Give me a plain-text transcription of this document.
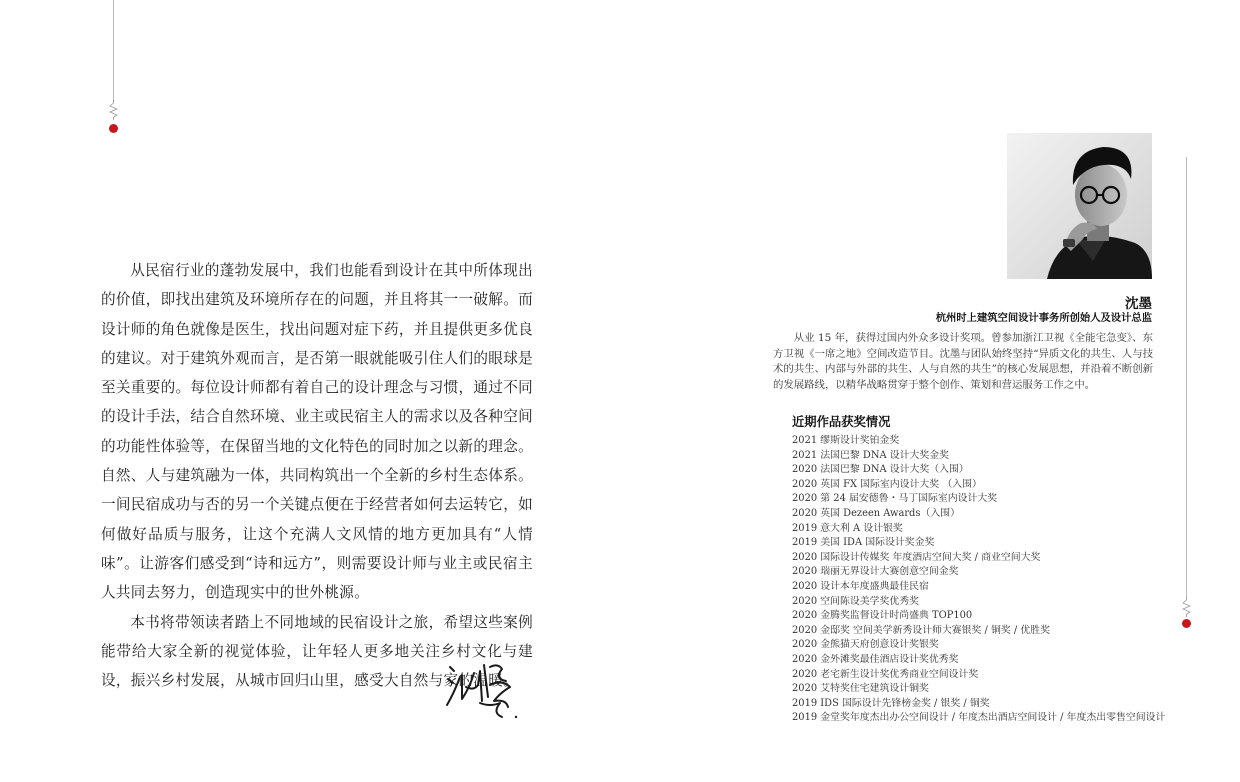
从民宿行业的蓬勃发展中，我们也能看到设计在其中所体现出的价值，即找出建筑及环境所存在的问题，并且将其一一破解。而设计师的角色就像是医生，找出问题对症下药，并且提供更多优良的建议。对于建筑外观而言，是否第一眼就能吸引住人们的眼球是至关重要的。每位设计师都有着自己的设计理念与习惯，通过不同的设计手法，结合自然环境、业主或民宿主人的需求以及各种空间的功能性体验等，在保留当地的文化特色的同时加之以新的理念。自然、人与建筑融为一体，共同构筑出一个全新的乡村生态体系。一间民宿成功与否的另一个关键点便在于经营者如何去运转它，如何做好品质与服务，让这个充满人文风情的地方更加具有“人情味”。让游客们感受到“诗和远方”，则需要设计师与业主或民宿主人共同去努力，创造现实中的世外桃源。

本书将带领读者踏上不同地域的民宿设计之旅，希望这些案例能带给大家全新的视觉体验，让年轻人更多地关注乡村文化与建设，振兴乡村发展，从城市回归山里，感受大自然与家的温暖。

沈墨
杭州时上建筑空间设计事务所创始人及设计总监

从业 15 年，获得过国内外众多设计奖项。曾参加浙江卫视《全能宅急变》、东方卫视《一席之地》空间改造节目。沈墨与团队始终坚持“异质文化的共生、人与技术的共生、内部与外部的共生、人与自然的共生”的核心发展思想，并沿着不断创新的发展路线，以精华战略贯穿于整个创作、策划和营运服务工作之中。

近期作品获奖情况
2021 缪斯设计奖铂金奖
2021 法国巴黎 DNA 设计大奖金奖
2020 法国巴黎 DNA 设计大奖（入围）
2020 英国 FX 国际室内设计大奖 （入围）
2020 第 24 届安德鲁・马丁国际室内设计大奖
2020 英国 Dezeen Awards（入围）
2019 意大利 A 设计银奖
2019 美国 IDA 国际设计奖金奖
2020 国际设计传媒奖 年度酒店空间大奖 / 商业空间大奖
2020 瑞丽无界设计大赛创意空间金奖
2020 设计本年度盛典最佳民宿
2020 空间陈设美学奖优秀奖
2020 金腾奖监督设计时尚盛典 TOP100
2020 金邸奖 空间美学新秀设计师大赛银奖 / 铜奖 / 优胜奖
2020 金熊猫天府创意设计奖银奖
2020 金外滩奖最佳酒店设计奖优秀奖
2020 老宅新生设计奖优秀商业空间设计奖
2020 艾特奖住宅建筑设计铜奖
2019 IDS 国际设计先锋榜金奖 / 银奖 / 铜奖
2019 金堂奖年度杰出办公空间设计 / 年度杰出酒店空间设计 / 年度杰出零售空间设计
